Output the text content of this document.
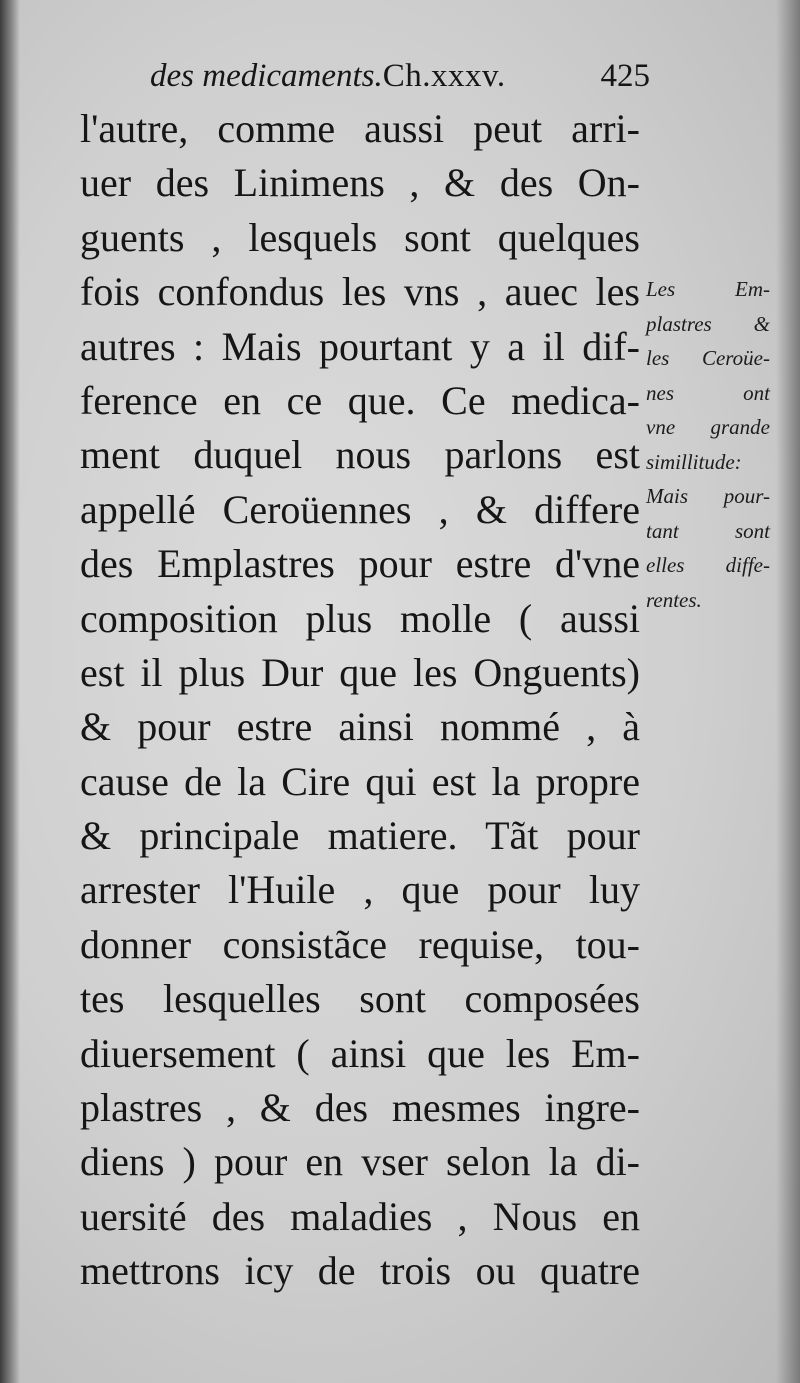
des medicaments.Ch.xxxv.	425
l'autre, comme aussi peut arri-
uer des Linimens , & des On-
guents , lesquels sont quelques
fois confondus les vns , auec les
autres : Mais pourtant y a il dif-
ference en ce que. Ce medica-
ment duquel nous parlons est
appellé Ceroüennes , & differe
des Emplastres pour estre d'vne
composition plus molle ( aussi
est il plus Dur que les Onguents)
& pour estre ainsi nommé , à
cause de la Cire qui est la propre
& principale matiere. Tãt pour
arrester l'Huile , que pour luy
donner consistãce requise, tou-
tes lesquelles sont composées
diuersement ( ainsi que les Em-
plastres , & des mesmes ingre-
diens ) pour en vser selon la di-
uersité des maladies , Nous en
mettrons icy de trois ou quatre
Les Em-
plastres &
les Ceroüe-
nes ont
vne grande
simillitude:
Mais pour-
tant sont
elles diffe-
rentes.
